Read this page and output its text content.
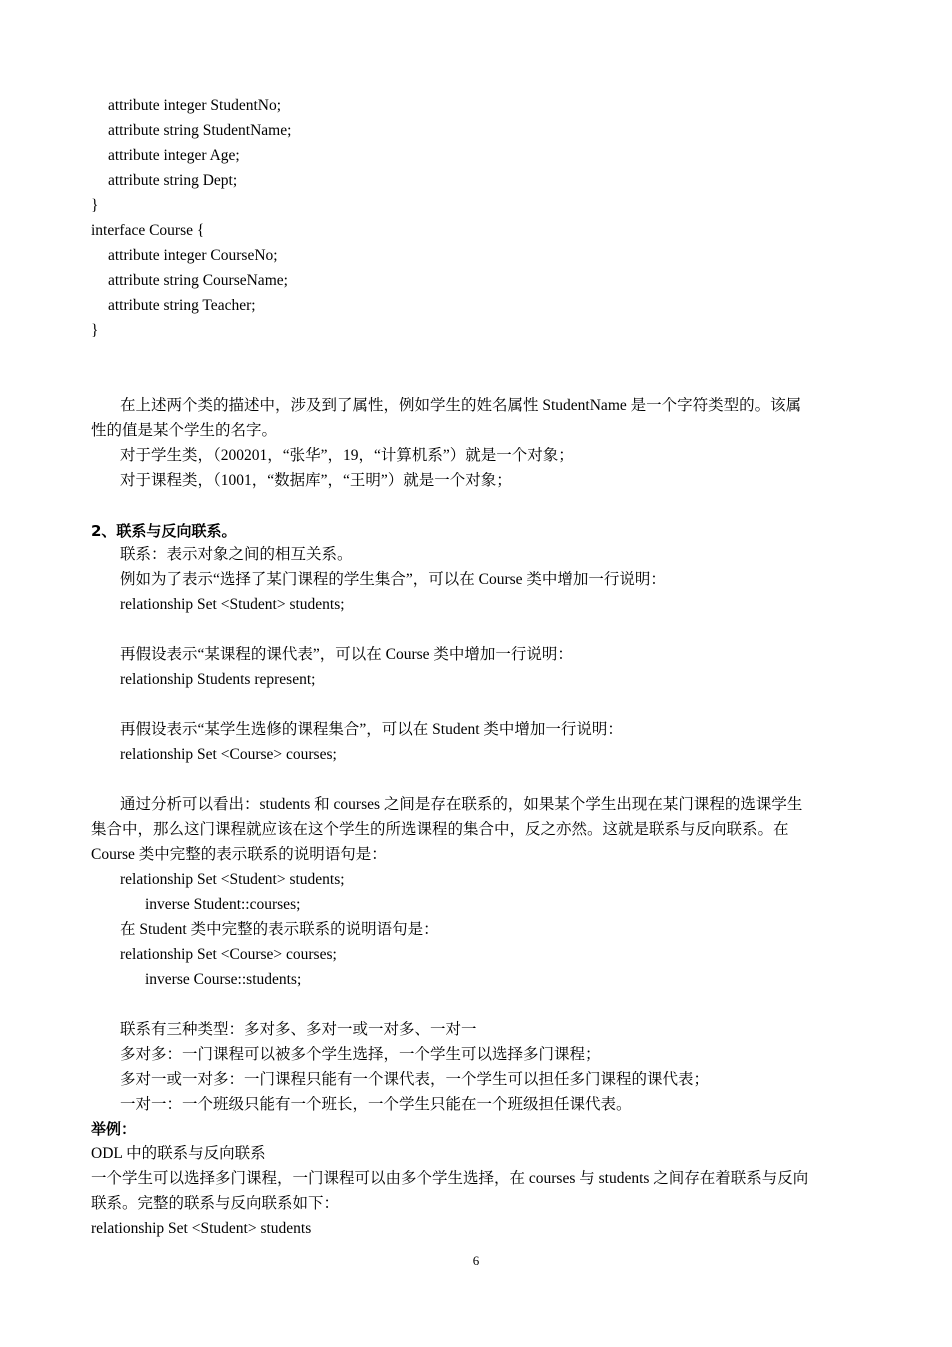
attribute integer StudentNo;
attribute string StudentName;
attribute integer Age;
attribute string Dept;
}
interface Course {
attribute integer CourseNo;
attribute string CourseName;
attribute string Teacher;
}
在上述两个类的描述中，涉及到了属性，例如学生的姓名属性 StudentName 是一个字符类型的。该属
性的值是某个学生的名字。
对于学生类，（200201，“张华”，19，“计算机系”）就是一个对象；
对于课程类，（1001，“数据库”，“王明”）就是一个对象；
2、联系与反向联系。
联系：表示对象之间的相互关系。
例如为了表示“选择了某门课程的学生集合”，可以在 Course 类中增加一行说明：
relationship Set <Student> students;
再假设表示“某课程的课代表”，可以在 Course 类中增加一行说明：
relationship Students represent;
再假设表示“某学生选修的课程集合”，可以在 Student 类中增加一行说明：
relationship Set <Course> courses;
通过分析可以看出：students 和 courses 之间是存在联系的，如果某个学生出现在某门课程的选课学生
集合中，那么这门课程就应该在这个学生的所选课程的集合中，反之亦然。这就是联系与反向联系。在
Course 类中完整的表示联系的说明语句是：
relationship Set <Student> students;
inverse Student::courses;
在 Student 类中完整的表示联系的说明语句是：
relationship Set <Course> courses;
inverse Course::students;
联系有三种类型：多对多、多对一或一对多、一对一
多对多：一门课程可以被多个学生选择，一个学生可以选择多门课程；
多对一或一对多：一门课程只能有一个课代表，一个学生可以担任多门课程的课代表；
一对一：一个班级只能有一个班长，一个学生只能在一个班级担任课代表。
举例：
ODL 中的联系与反向联系
一个学生可以选择多门课程，一门课程可以由多个学生选择，在 courses 与 students 之间存在着联系与反向
联系。完整的联系与反向联系如下：
relationship Set <Student> students
6
